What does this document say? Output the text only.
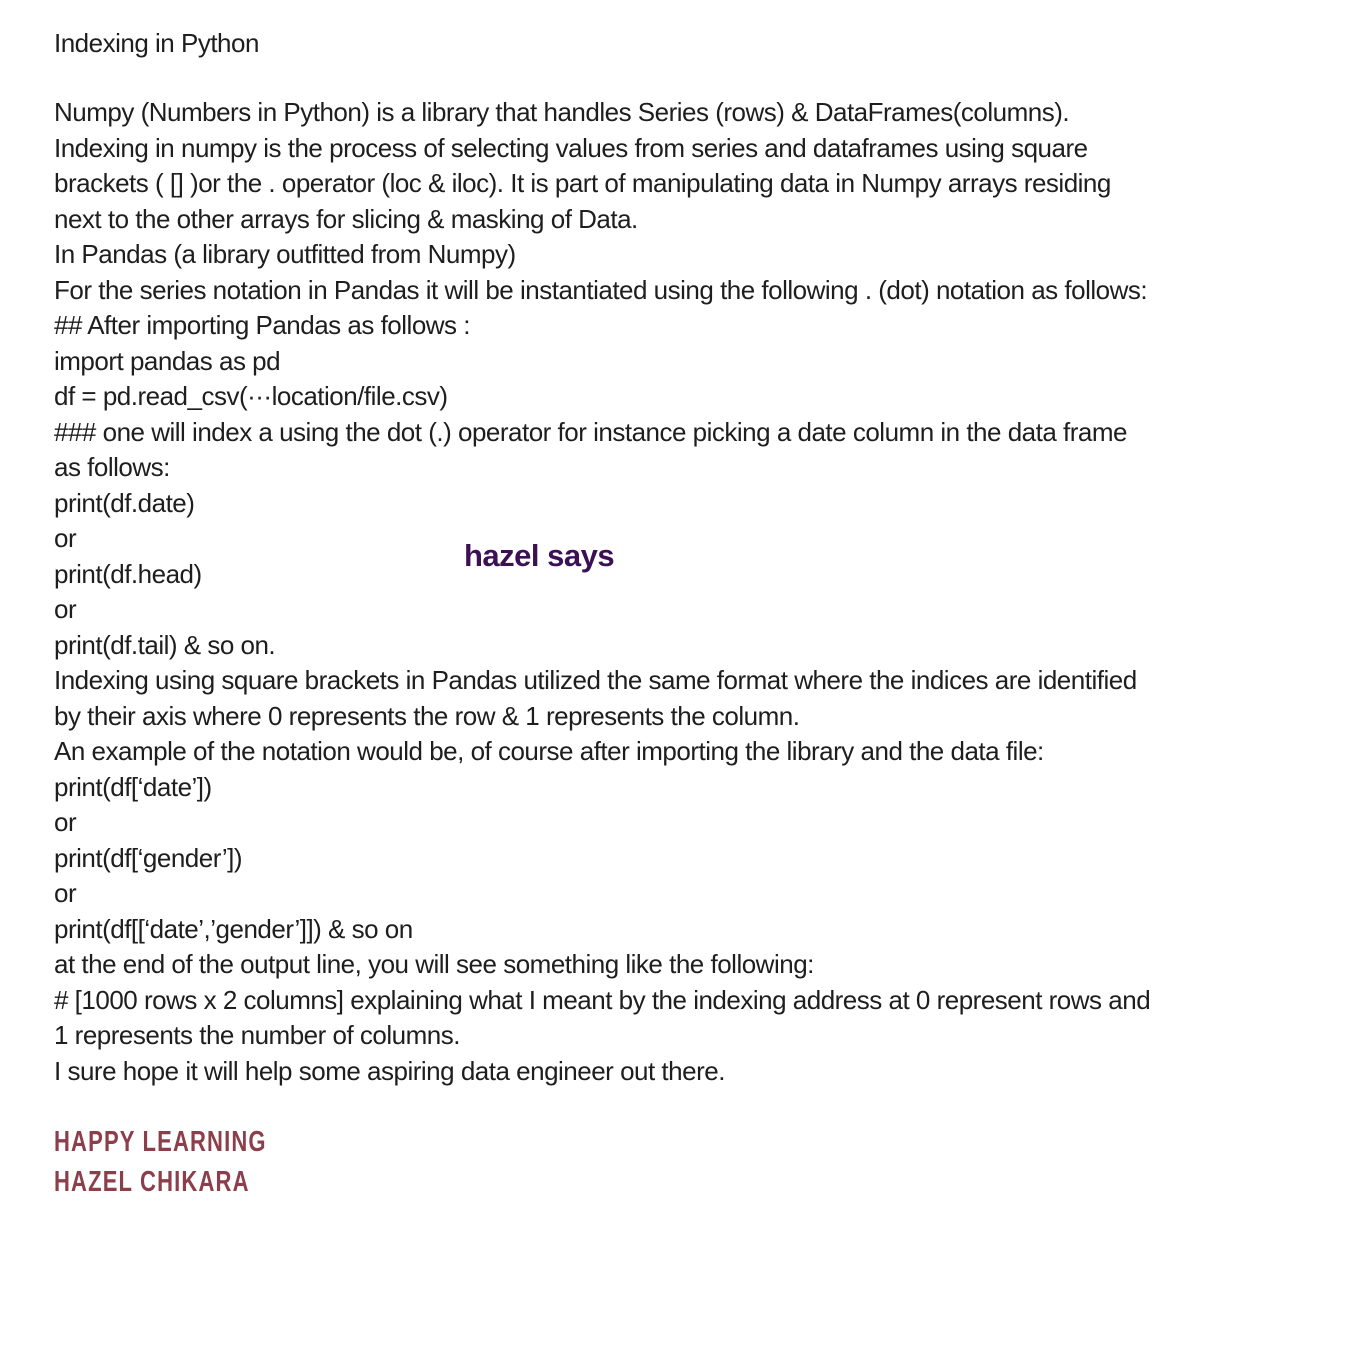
Indexing in Python
Numpy (Numbers in Python) is a library that handles Series (rows) & DataFrames(columns).
Indexing in numpy is the process of selecting values from series and dataframes using square
brackets ( [] )or the . operator (loc & iloc). It is part of manipulating data in Numpy arrays residing
next to the other arrays for slicing & masking of Data.
In Pandas (a library outfitted from Numpy)
For the series notation in Pandas it will be instantiated using the following . (dot) notation as follows:
## After importing Pandas as follows :
import pandas as pd
df = pd.read_csv(···location/file.csv)
### one will index a using the dot (.) operator for instance picking a date column in the data frame
as follows:
print(df.date)
or
print(df.head)
or
print(df.tail) & so on.
Indexing using square brackets in Pandas utilized the same format where the indices are identified
by their axis where 0 represents the row & 1 represents the column.
An example of the notation would be, of course after importing the library and the data file:
print(df[‘date’])
or
print(df[‘gender’])
or
print(df[[‘date’,’gender’]]) & so on
at the end of the output line, you will see something like the following:
# [1000 rows x 2 columns] explaining what I meant by the indexing address at 0 represent rows and
1 represents the number of columns.
I sure hope it will help some aspiring data engineer out there.
hazel says
HAPPY LEARNING
HAZEL CHIKARA
